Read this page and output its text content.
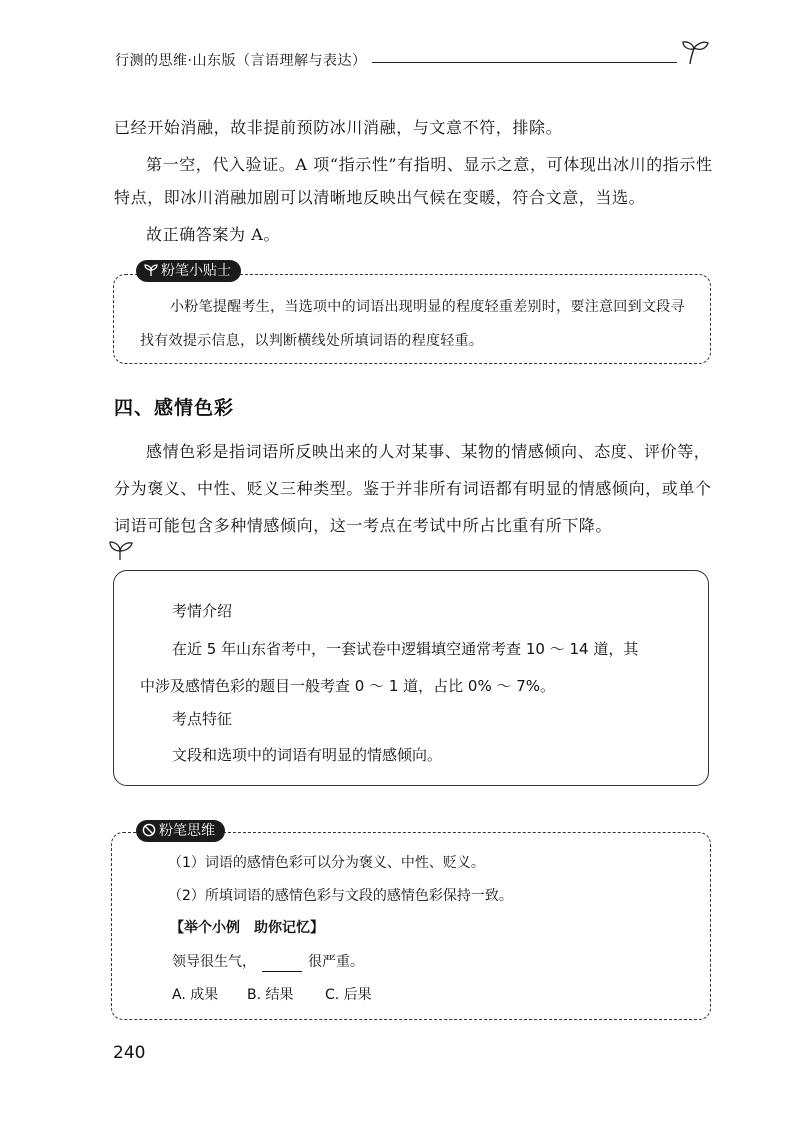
行测的思维·山东版（言语理解与表达）
已经开始消融，故非提前预防冰川消融，与文意不符，排除。
第一空，代入验证。A 项“指示性”有指明、显示之意，可体现出冰川的指示性特点，即冰川消融加剧可以清晰地反映出气候在变暖，符合文意，当选。
故正确答案为 A。
粉笔小贴士
小粉笔提醒考生，当选项中的词语出现明显的程度轻重差别时，要注意回到文段寻找有效提示信息，以判断横线处所填词语的程度轻重。
四、感情色彩
感情色彩是指词语所反映出来的人对某事、某物的情感倾向、态度、评价等，分为褒义、中性、贬义三种类型。鉴于并非所有词语都有明显的情感倾向，或单个词语可能包含多种情感倾向，这一考点在考试中所占比重有所下降。
考情介绍
在近 5 年山东省考中，一套试卷中逻辑填空通常考查 10 ～ 14 道，其
中涉及感情色彩的题目一般考查 0 ～ 1 道，占比 0% ～ 7%。
考点特征
文段和选项中的词语有明显的情感倾向。
粉笔思维
（1）词语的感情色彩可以分为褒义、中性、贬义。
（2）所填词语的感情色彩与文段的感情色彩保持一致。
【举个小例　助你记忆】
领导很生气，	很严重。
A. 成果 B. 结果 C. 后果
240
